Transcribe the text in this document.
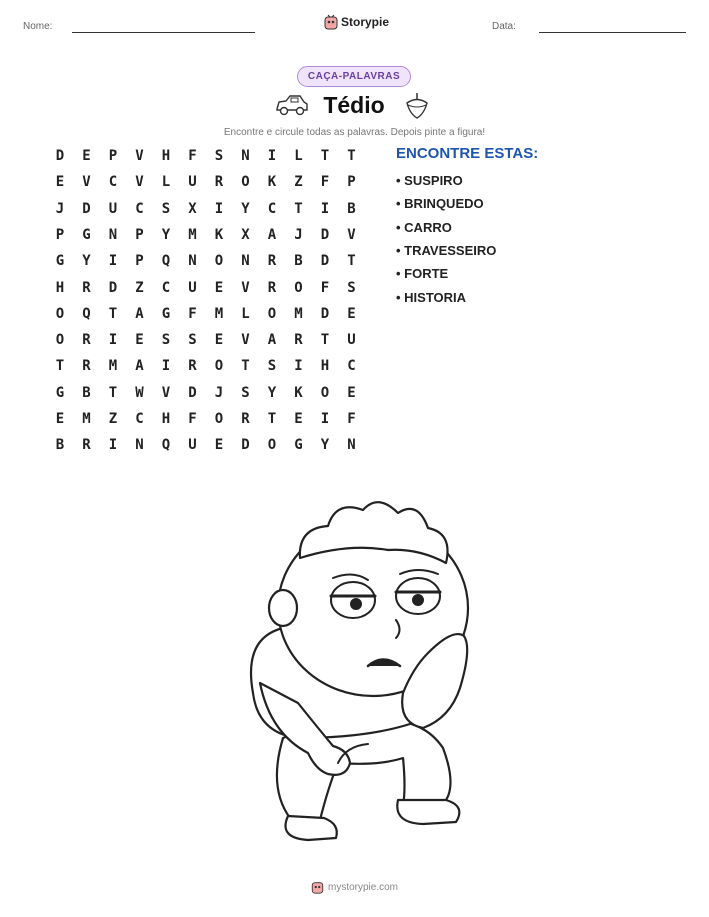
Nome:	Storypie	Data:
CAÇA-PALAVRAS
Tédio
Encontre e circule todas as palavras. Depois pinte a figura!
D	E	P	V	H	F	S	N	I	L	T	T
E	V	C	V	L	U	R	O	K	Z	F	P
J	D	U	C	S	X	I	Y	C	T	I	B
P	G	N	P	Y	M	K	X	A	J	D	V
G	Y	I	P	Q	N	O	N	R	B	D	T
H	R	D	Z	C	U	E	V	R	O	F	S
O	Q	T	A	G	F	M	L	O	M	D	E
O	R	I	E	S	S	E	V	A	R	T	U
T	R	M	A	I	R	O	T	S	I	H	C
G	B	T	W	V	D	J	S	Y	K	O	E
E	M	Z	C	H	F	O	R	T	E	I	F
B	R	I	N	Q	U	E	D	O	G	Y	N
ENCONTRE ESTAS:
• SUSPIRO
• BRINQUEDO
• CARRO
• TRAVESSEIRO
• FORTE
• HISTORIA
mystorypie.com
